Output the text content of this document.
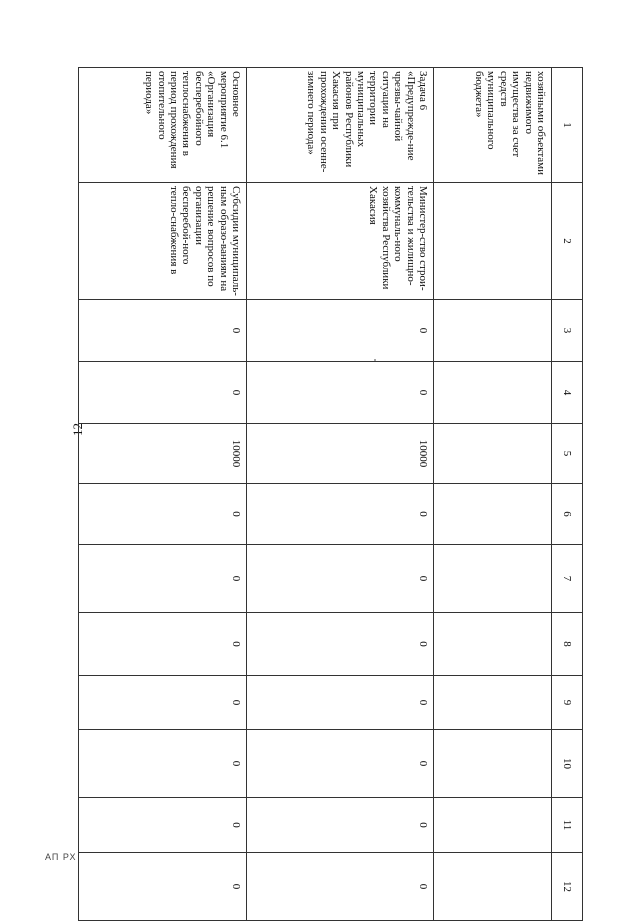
12
АП РХ
1	2	3	4	5	6	7	8	9	10	11	12
хозяйными объектами недвижимого имущества за счет средств муниципального бюджета»											
Задача 6 «Предупрежде-ние чрезвы-чайной ситуации на территории муниципальных районов Республики Хакасия при прохождении осенне-зимнего периода»	Министер-ство строи-тельства и жилищно-коммуналь-ного хозяйства Республики Хакасия	0	0	10000	0	0	0	0	0	0	0
Основное мероприятие 6.1 «Организация бесперебойного теплоснабжения в период прохождения отопительного периода»	Субсидии муниципаль-ным образо-ваниям на решение вопросов по организации бесперебой-ного тепло-снабжения в	0	0	10000	0	0	0	0	0	0	0
